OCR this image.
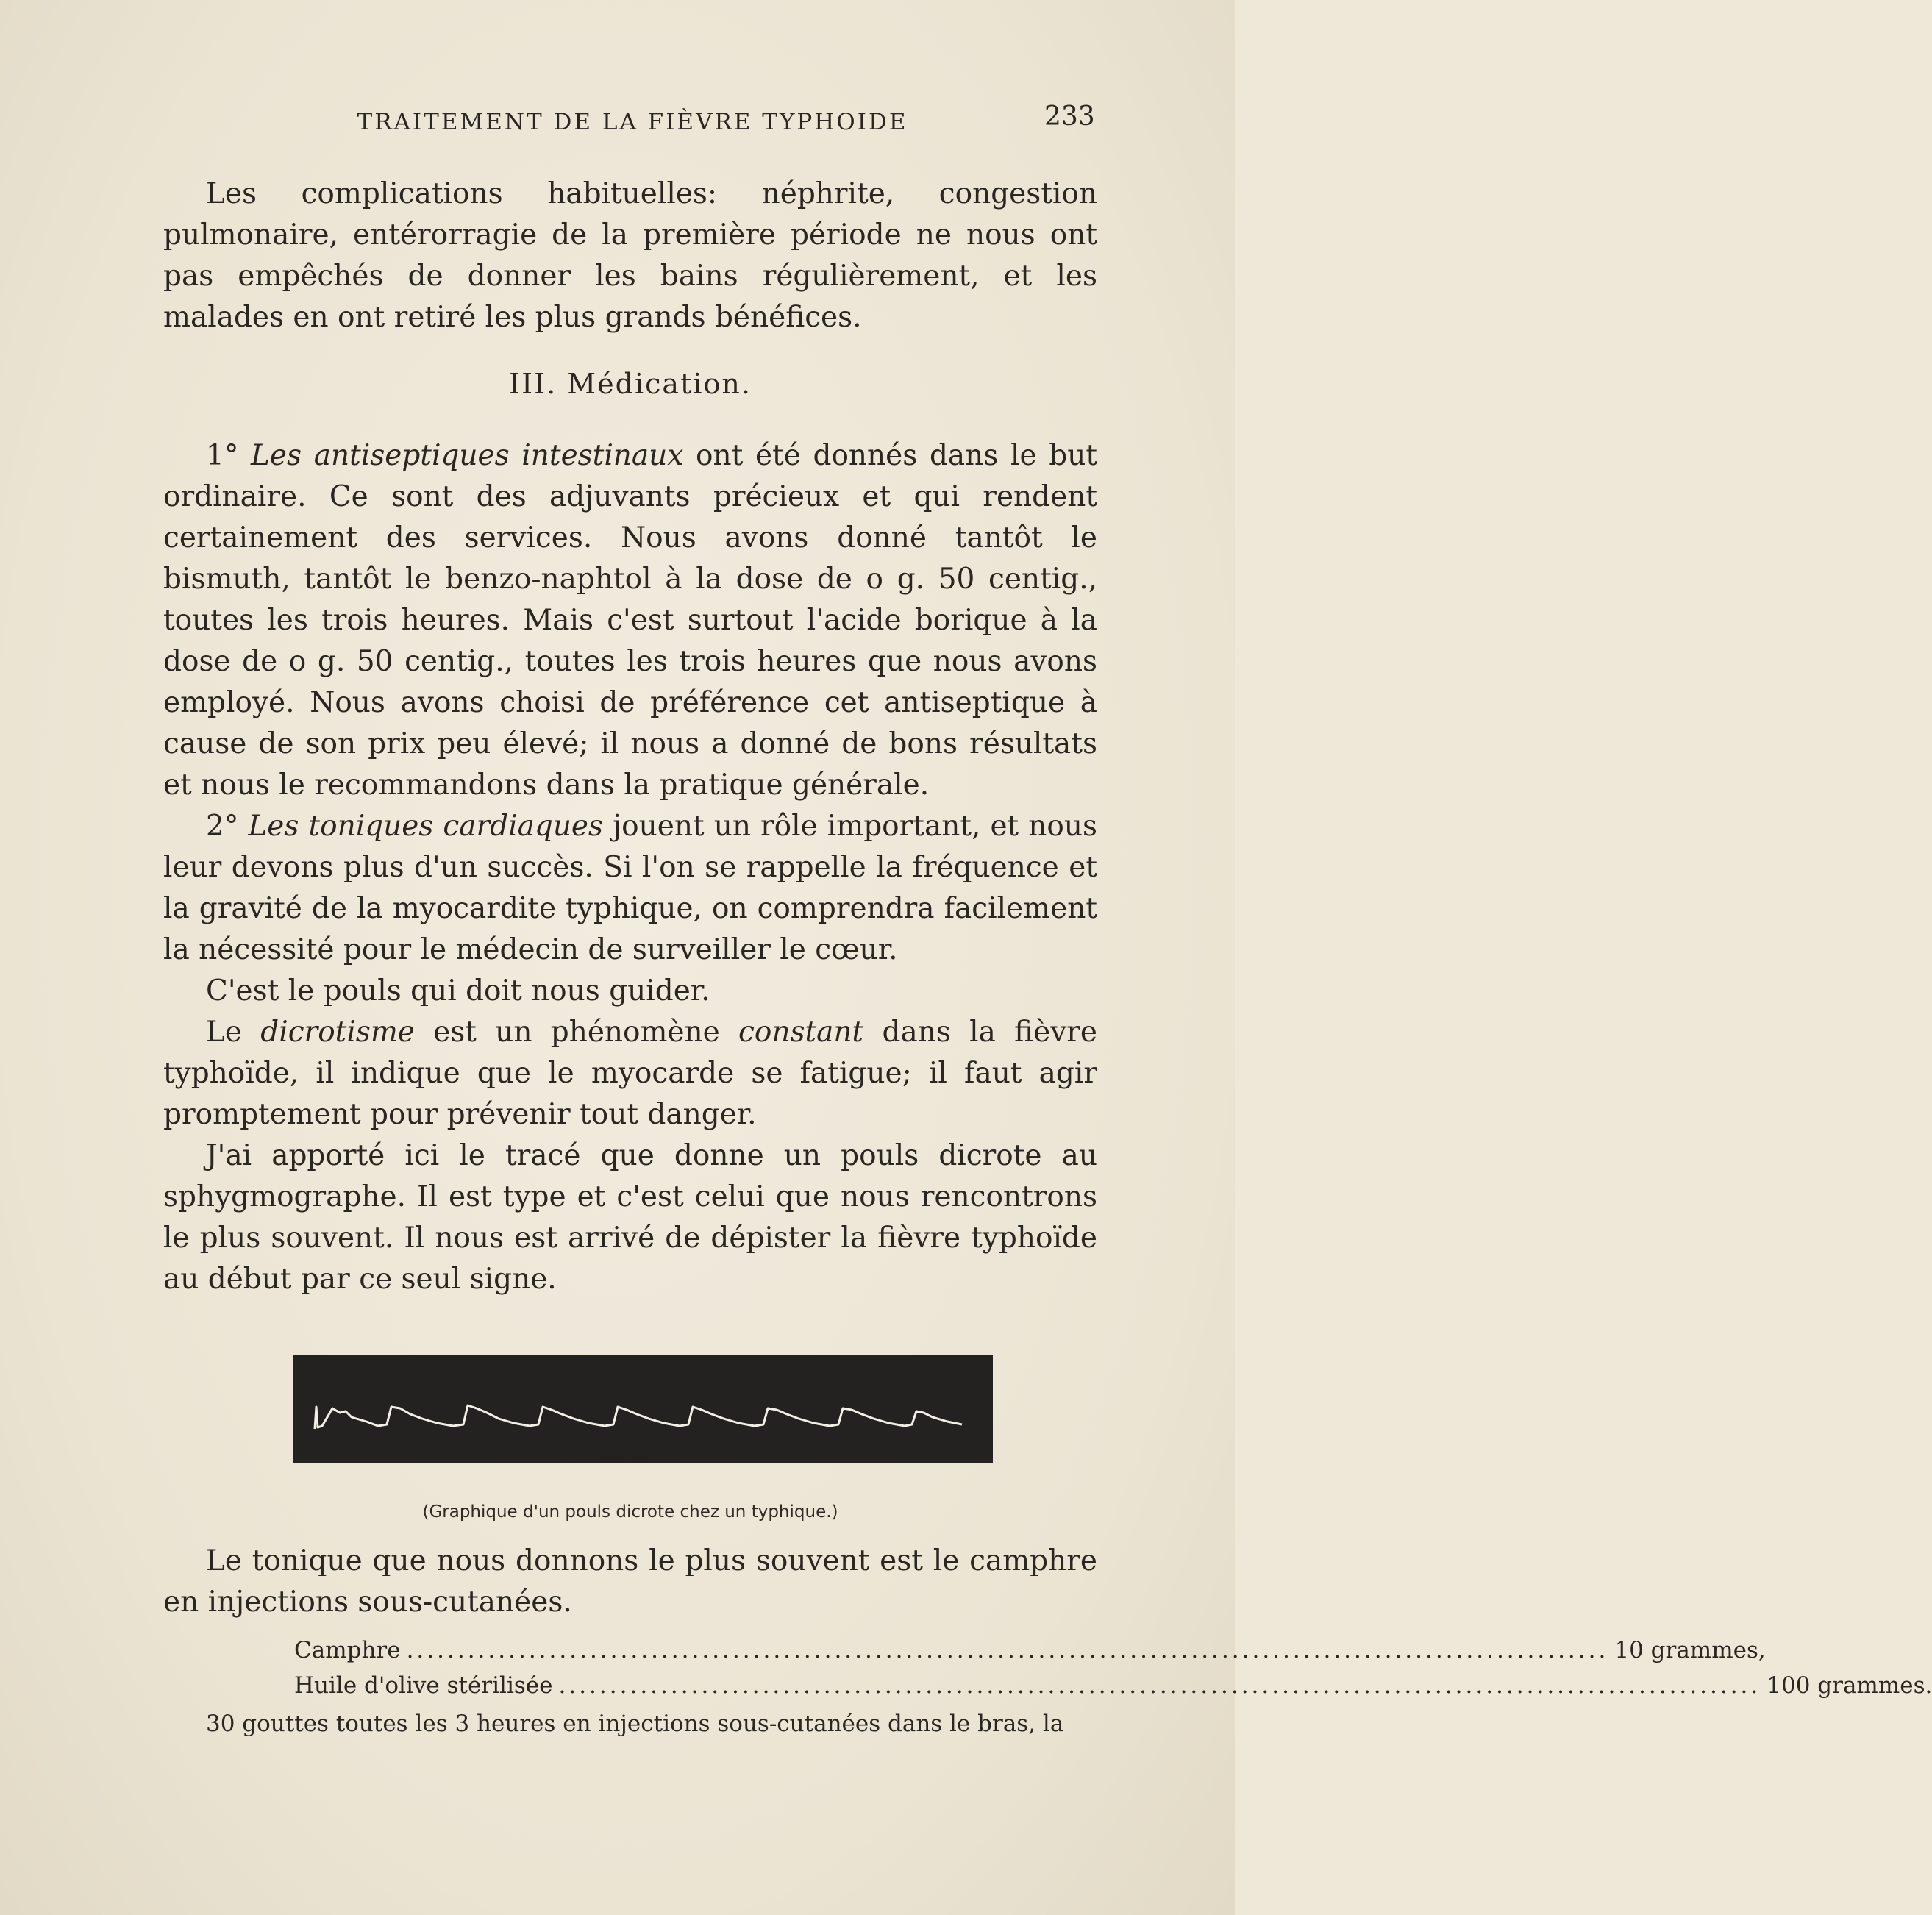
TRAITEMENT DE LA FIÈVRE TYPHOIDE	233

Les complications habituelles: néphrite, congestion pulmonaire, entérorragie de la première période ne nous ont pas empêchés de donner les bains régulièrement, et les malades en ont retiré les plus grands bénéfices.

III. Médication.

1° Les antiseptiques intestinaux ont été donnés dans le but ordinaire. Ce sont des adjuvants précieux et qui rendent certainement des services. Nous avons donné tantôt le bismuth, tantôt le benzo-naphtol à la dose de o g. 50 centig., toutes les trois heures. Mais c'est surtout l'acide borique à la dose de o g. 50 centig., toutes les trois heures que nous avons employé. Nous avons choisi de préférence cet antiseptique à cause de son prix peu élevé; il nous a donné de bons résultats et nous le recommandons dans la pratique générale.

2° Les toniques cardiaques jouent un rôle important, et nous leur devons plus d'un succès. Si l'on se rappelle la fréquence et la gravité de la myocardite typhique, on comprendra facilement la nécessité pour le médecin de surveiller le cœur.

C'est le pouls qui doit nous guider.

Le dicrotisme est un phénomène constant dans la fièvre typhoïde, il indique que le myocarde se fatigue; il faut agir promptement pour prévenir tout danger.

J'ai apporté ici le tracé que donne un pouls dicrote au sphygmographe. Il est type et c'est celui que nous rencontrons le plus souvent. Il nous est arrivé de dépister la fièvre typhoïde au début par ce seul signe.

(Graphique d'un pouls dicrote chez un typhique.)

Le tonique que nous donnons le plus souvent est le camphre en injections sous-cutanées.

Camphre ...................................................................................................................... 10 grammes,
Huile d'olive stérilisée ...................................................................................................................... 100 grammes.
30 gouttes toutes les 3 heures en injections sous-cutanées dans le bras, la
